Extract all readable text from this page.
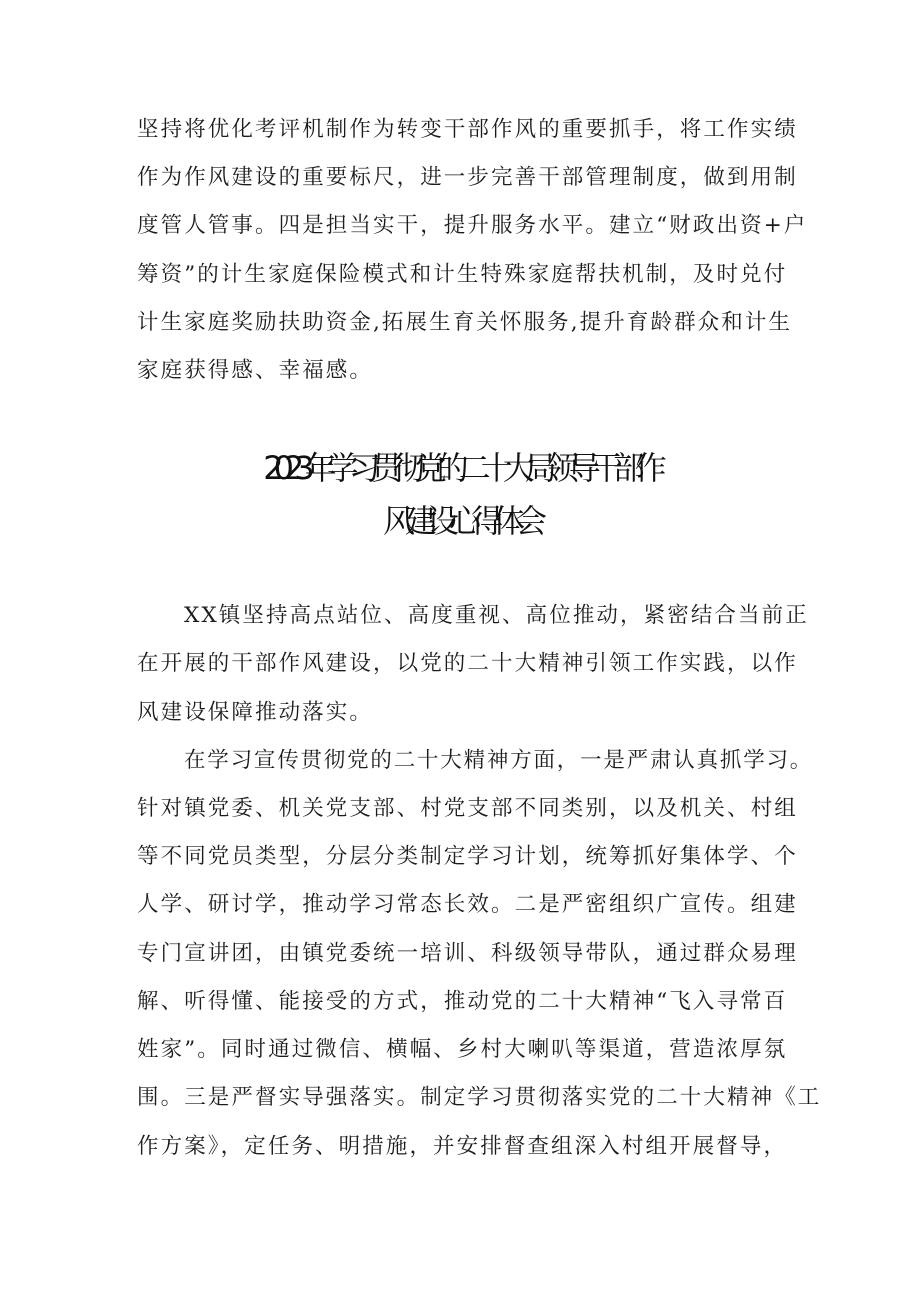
坚持将优化考评机制作为转变干部作风的重要抓手，将工作实绩
作为作风建设的重要标尺，进一步完善干部管理制度，做到用制
度管人管事。四是担当实干，提升服务水平。建立“财政出资+户
筹资”的计生家庭保险模式和计生特殊家庭帮扶机制，及时兑付
计生家庭奖励扶助资金,拓展生育关怀服务,提升育龄群众和计生
家庭获得感、幸福感。
2023年学习贯彻党的二十大局领导干部作
风建设心得体会
XX镇坚持高点站位、高度重视、高位推动，紧密结合当前正
在开展的干部作风建设，以党的二十大精神引领工作实践，以作
风建设保障推动落实。
在学习宣传贯彻党的二十大精神方面，一是严肃认真抓学习。
针对镇党委、机关党支部、村党支部不同类别，以及机关、村组
等不同党员类型，分层分类制定学习计划，统筹抓好集体学、个
人学、研讨学，推动学习常态长效。二是严密组织广宣传。组建
专门宣讲团，由镇党委统一培训、科级领导带队，通过群众易理
解、听得懂、能接受的方式，推动党的二十大精神“飞入寻常百
姓家”。同时通过微信、横幅、乡村大喇叭等渠道，营造浓厚氛
围。三是严督实导强落实。制定学习贯彻落实党的二十大精神《工
作方案》，定任务、明措施，并安排督查组深入村组开展督导，
